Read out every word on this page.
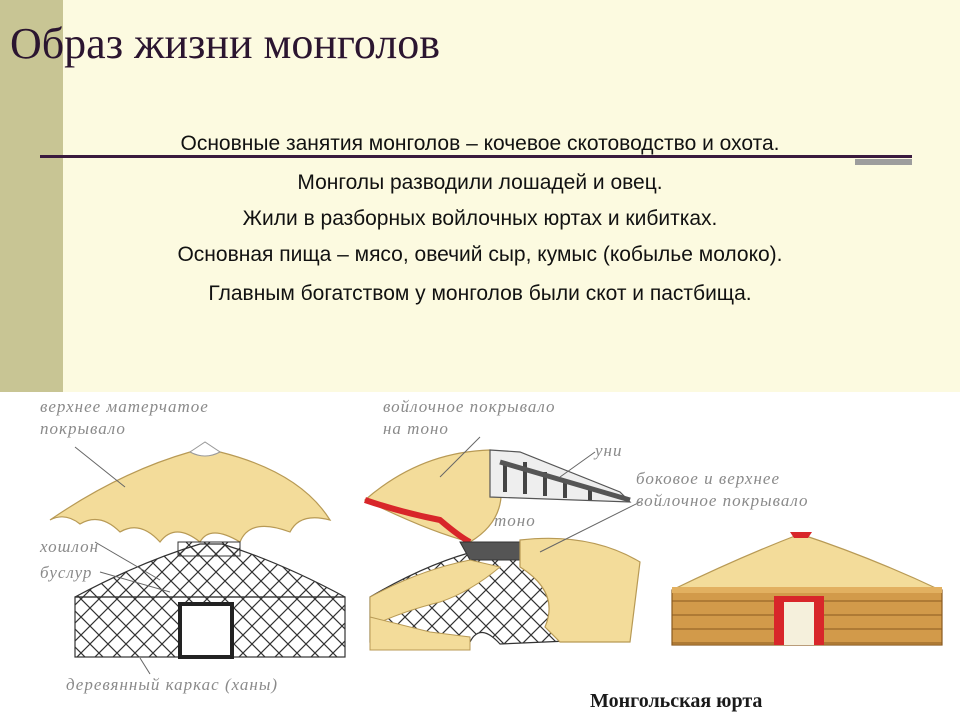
Образ жизни монголов
Основные занятия монголов – кочевое скотоводство и охота.
Монголы разводили лошадей и овец.
Жили в разборных войлочных юртах и кибитках.
Основная пища – мясо, овечий сыр, кумыс (кобылье молоко).
Главным богатством у монголов были скот и пастбища.
верхнее матерчатое
покрывало
хошлон
буслур
деревянный каркас (ханы)
войлочное покрывало
на тоно
уни
тоно
боковое и верхнее
войлочное покрывало
Монгольская юрта
